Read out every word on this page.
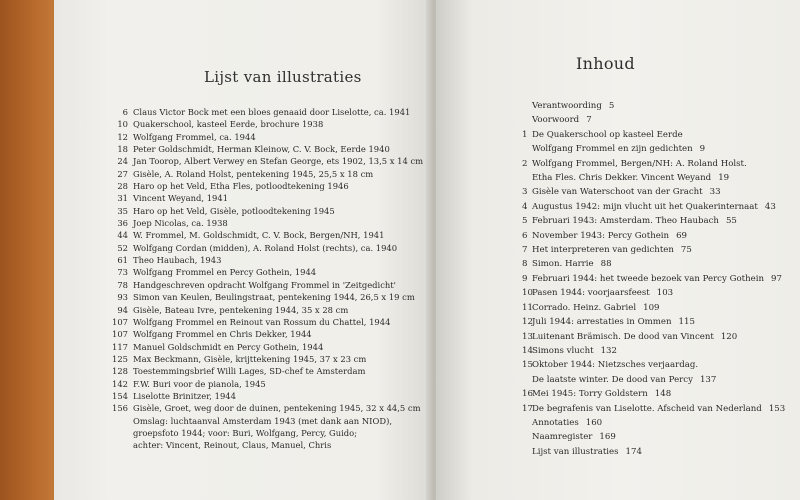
Lijst van illustraties
6 Claus Victor Bock met een bloes genaaid door Liselotte, ca. 1941
10 Quakerschool, kasteel Eerde, brochure 1938
12 Wolfgang Frommel, ca. 1944
18 Peter Goldschmidt, Herman Kleinow, C. V. Bock, Eerde 1940
24 Jan Toorop, Albert Verwey en Stefan George, ets 1902, 13,5 x 14 cm
27 Gisèle, A. Roland Holst, pentekening 1945, 25,5 x 18 cm
28 Haro op het Veld, Etha Fles, potloodtekening 1946
31 Vincent Weyand, 1941
35 Haro op het Veld, Gisèle, potloodtekening 1945
36 Joep Nicolas, ca. 1938
44 W. Frommel, M. Goldschmidt, C. V. Bock, Bergen/NH, 1941
52 Wolfgang Cordan (midden), A. Roland Holst (rechts), ca. 1940
61 Theo Haubach, 1943
73 Wolfgang Frommel en Percy Gothein, 1944
78 Handgeschreven opdracht Wolfgang Frommel in 'Zeitgedicht'
93 Simon van Keulen, Beulingstraat, pentekening 1944, 26,5 x 19 cm
94 Gisèle, Bateau Ivre, pentekening 1944, 35 x 28 cm
107 Wolfgang Frommel en Reinout van Rossum du Chattel, 1944
107 Wolfgang Frommel en Chris Dekker, 1944
117 Manuel Goldschmidt en Percy Gothein, 1944
125 Max Beckmann, Gisèle, krijttekening 1945, 37 x 23 cm
128 Toestemmingsbrief Willi Lages, SD-chef te Amsterdam
142 F.W. Buri voor de pianola, 1945
154 Liselotte Brinitzer, 1944
156 Gisèle, Groet, weg door de duinen, pentekening 1945, 32 x 44,5 cm
Omslag: luchtaanval Amsterdam 1943 (met dank aan NIOD),
groepsfoto 1944; voor: Buri, Wolfgang, Percy, Guido;
achter: Vincent, Reinout, Claus, Manuel, Chris
Inhoud
Verantwoording 5
Voorwoord 7
1 De Quakerschool op kasteel Eerde
Wolfgang Frommel en zijn gedichten 9
2 Wolfgang Frommel, Bergen/NH: A. Roland Holst.
Etha Fles. Chris Dekker. Vincent Weyand 19
3 Gisèle van Waterschoot van der Gracht 33
4 Augustus 1942: mijn vlucht uit het Quakerinternaat 43
5 Februari 1943: Amsterdam. Theo Haubach 55
6 November 1943: Percy Gothein 69
7 Het interpreteren van gedichten 75
8 Simon. Harrie 88
9 Februari 1944: het tweede bezoek van Percy Gothein 97
10 Pasen 1944: voorjaarsfeest 103
11 Corrado. Heinz. Gabriel 109
12 Juli 1944: arrestaties in Ommen 115
13 Luitenant Brämisch. De dood van Vincent 120
14 Simons vlucht 132
15 Oktober 1944: Nietzsches verjaardag.
De laatste winter. De dood van Percy 137
16 Mei 1945: Torry Goldstern 148
17 De begrafenis van Liselotte. Afscheid van Nederland 153
Annotaties 160
Naamregister 169
Lijst van illustraties 174
